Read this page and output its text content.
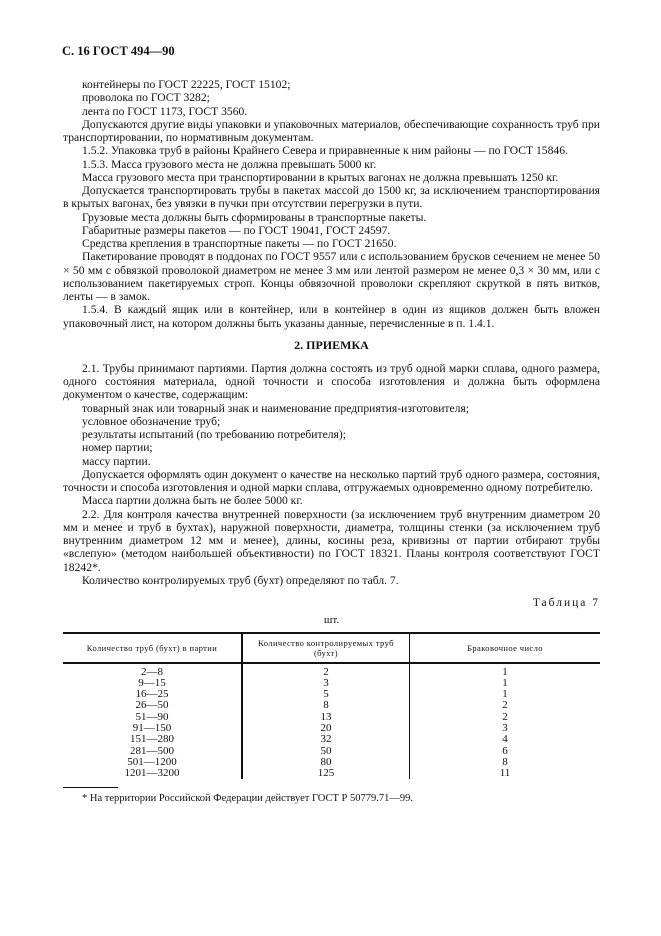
С. 16 ГОСТ 494—90

контейнеры по ГОСТ 22225, ГОСТ 15102;

проволока по ГОСТ 3282;

лента по ГОСТ 1173, ГОСТ 3560.

Допускаются другие виды упаковки и упаковочных материалов, обеспечивающие сохранность труб при транспортировании, по нормативным документам.

1.5.2. Упаковка труб в районы Крайнего Севера и приравненные к ним районы — по ГОСТ 15846.

1.5.3. Масса грузового места не должна превышать 5000 кг.

Масса грузового места при транспортировании в крытых вагонах не должна превышать 1250 кг.

Допускается транспортировать трубы в пакетах массой до 1500 кг, за исключением транспортирования в крытых вагонах, без увязки в пучки при отсутствии перегрузки в пути.

Грузовые места должны быть сформированы в транспортные пакеты.

Габаритные размеры пакетов — по ГОСТ 19041, ГОСТ 24597.

Средства крепления в транспортные пакеты — по ГОСТ 21650.

Пакетирование проводят в поддонах по ГОСТ 9557 или с использованием брусков сечением не менее 50 × 50 мм с обвязкой проволокой диаметром не менее 3 мм или лентой размером не менее 0,3 × 30 мм, или с использованием пакетируемых строп. Концы обвязочной проволоки скрепляют скруткой в пять витков, ленты — в замок.

1.5.4. В каждый ящик или в контейнер, или в контейнер в один из ящиков должен быть вложен упаковочный лист, на котором должны быть указаны данные, перечисленные в п. 1.4.1.

2. ПРИЕМКА

2.1. Трубы принимают партиями. Партия должна состоять из труб одной марки сплава, одного размера, одного состояния материала, одной точности и способа изготовления и должна быть оформлена документом о качестве, содержащим:

товарный знак или товарный знак и наименование предприятия-изготовителя;

условное обозначение труб;

результаты испытаний (по требованию потребителя);

номер партии;

массу партии.

Допускается оформлять один документ о качестве на несколько партий труб одного размера, состояния, точности и способа изготовления и одной марки сплава, отгружаемых одновременно одному потребителю.

Масса партии должна быть не более 5000 кг.

2.2. Для контроля качества внутренней поверхности (за исключением труб внутренним диаметром 20 мм и менее и труб в бухтах), наружной поверхности, диаметра, толщины стенки (за исключением труб внутренним диаметром 12 мм и менее), длины, косины реза, кривизны от партии отбирают трубы «вслепую» (методом наибольшей объективности) по ГОСТ 18321. Планы контроля соответствуют ГОСТ 18242*.

Количество контролируемых труб (бухт) определяют по табл. 7.

Таблица 7
шт.
Количество труб (бухт) в партии	Количество контролируемых труб (бухт)	Браковочное число
2—8	2	1
9—15	3	1
16—25	5	1
26—50	8	2
51—90	13	2
91—150	20	3
151—280	32	4
281—500	50	6
501—1200	80	8
1201—3200	125	11
* На территории Российской Федерации действует ГОСТ Р 50779.71—99.
